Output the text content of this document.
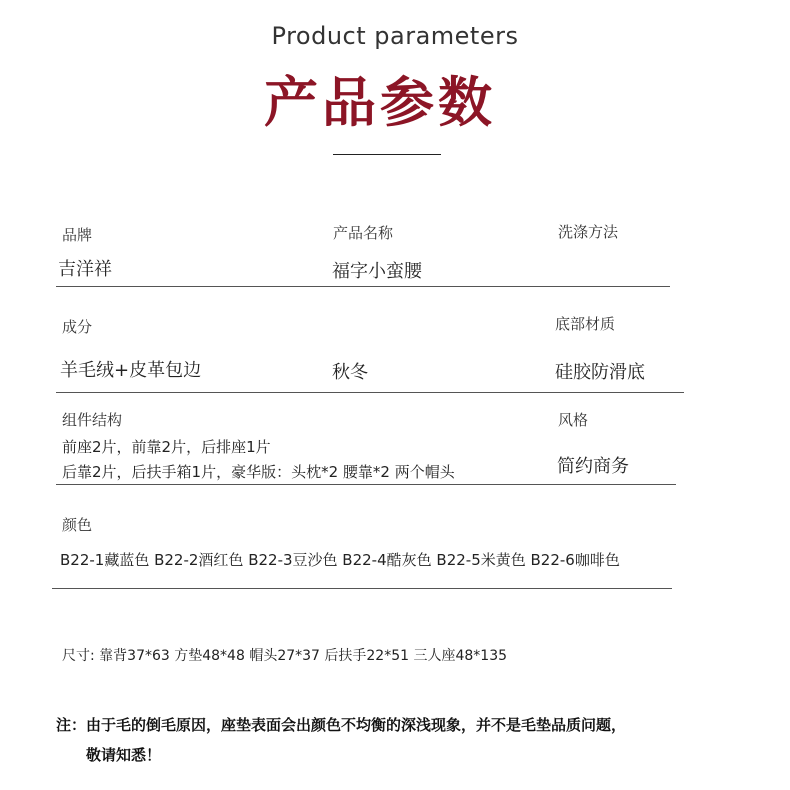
Product parameters
产品参数
品牌
吉洋祥
产品名称
福字小蛮腰
洗涤方法
成分
羊毛绒+皮革包边	秋冬
底部材质
硅胶防滑底
组件结构
前座2片，前靠2片，后排座1片
后靠2片，后扶手箱1片，豪华版：头枕*2 腰靠*2 两个帽头
风格
简约商务
颜色
B22-1藏蓝色 B22-2酒红色 B22-3豆沙色 B22-4酷灰色 B22-5米黄色 B22-6咖啡色
尺寸: 靠背37*63 方垫48*48 帽头27*37 后扶手22*51 三人座48*135
注：由于毛的倒毛原因，座垫表面会出颜色不均衡的深浅现象，并不是毛垫品质问题，
敬请知悉！
